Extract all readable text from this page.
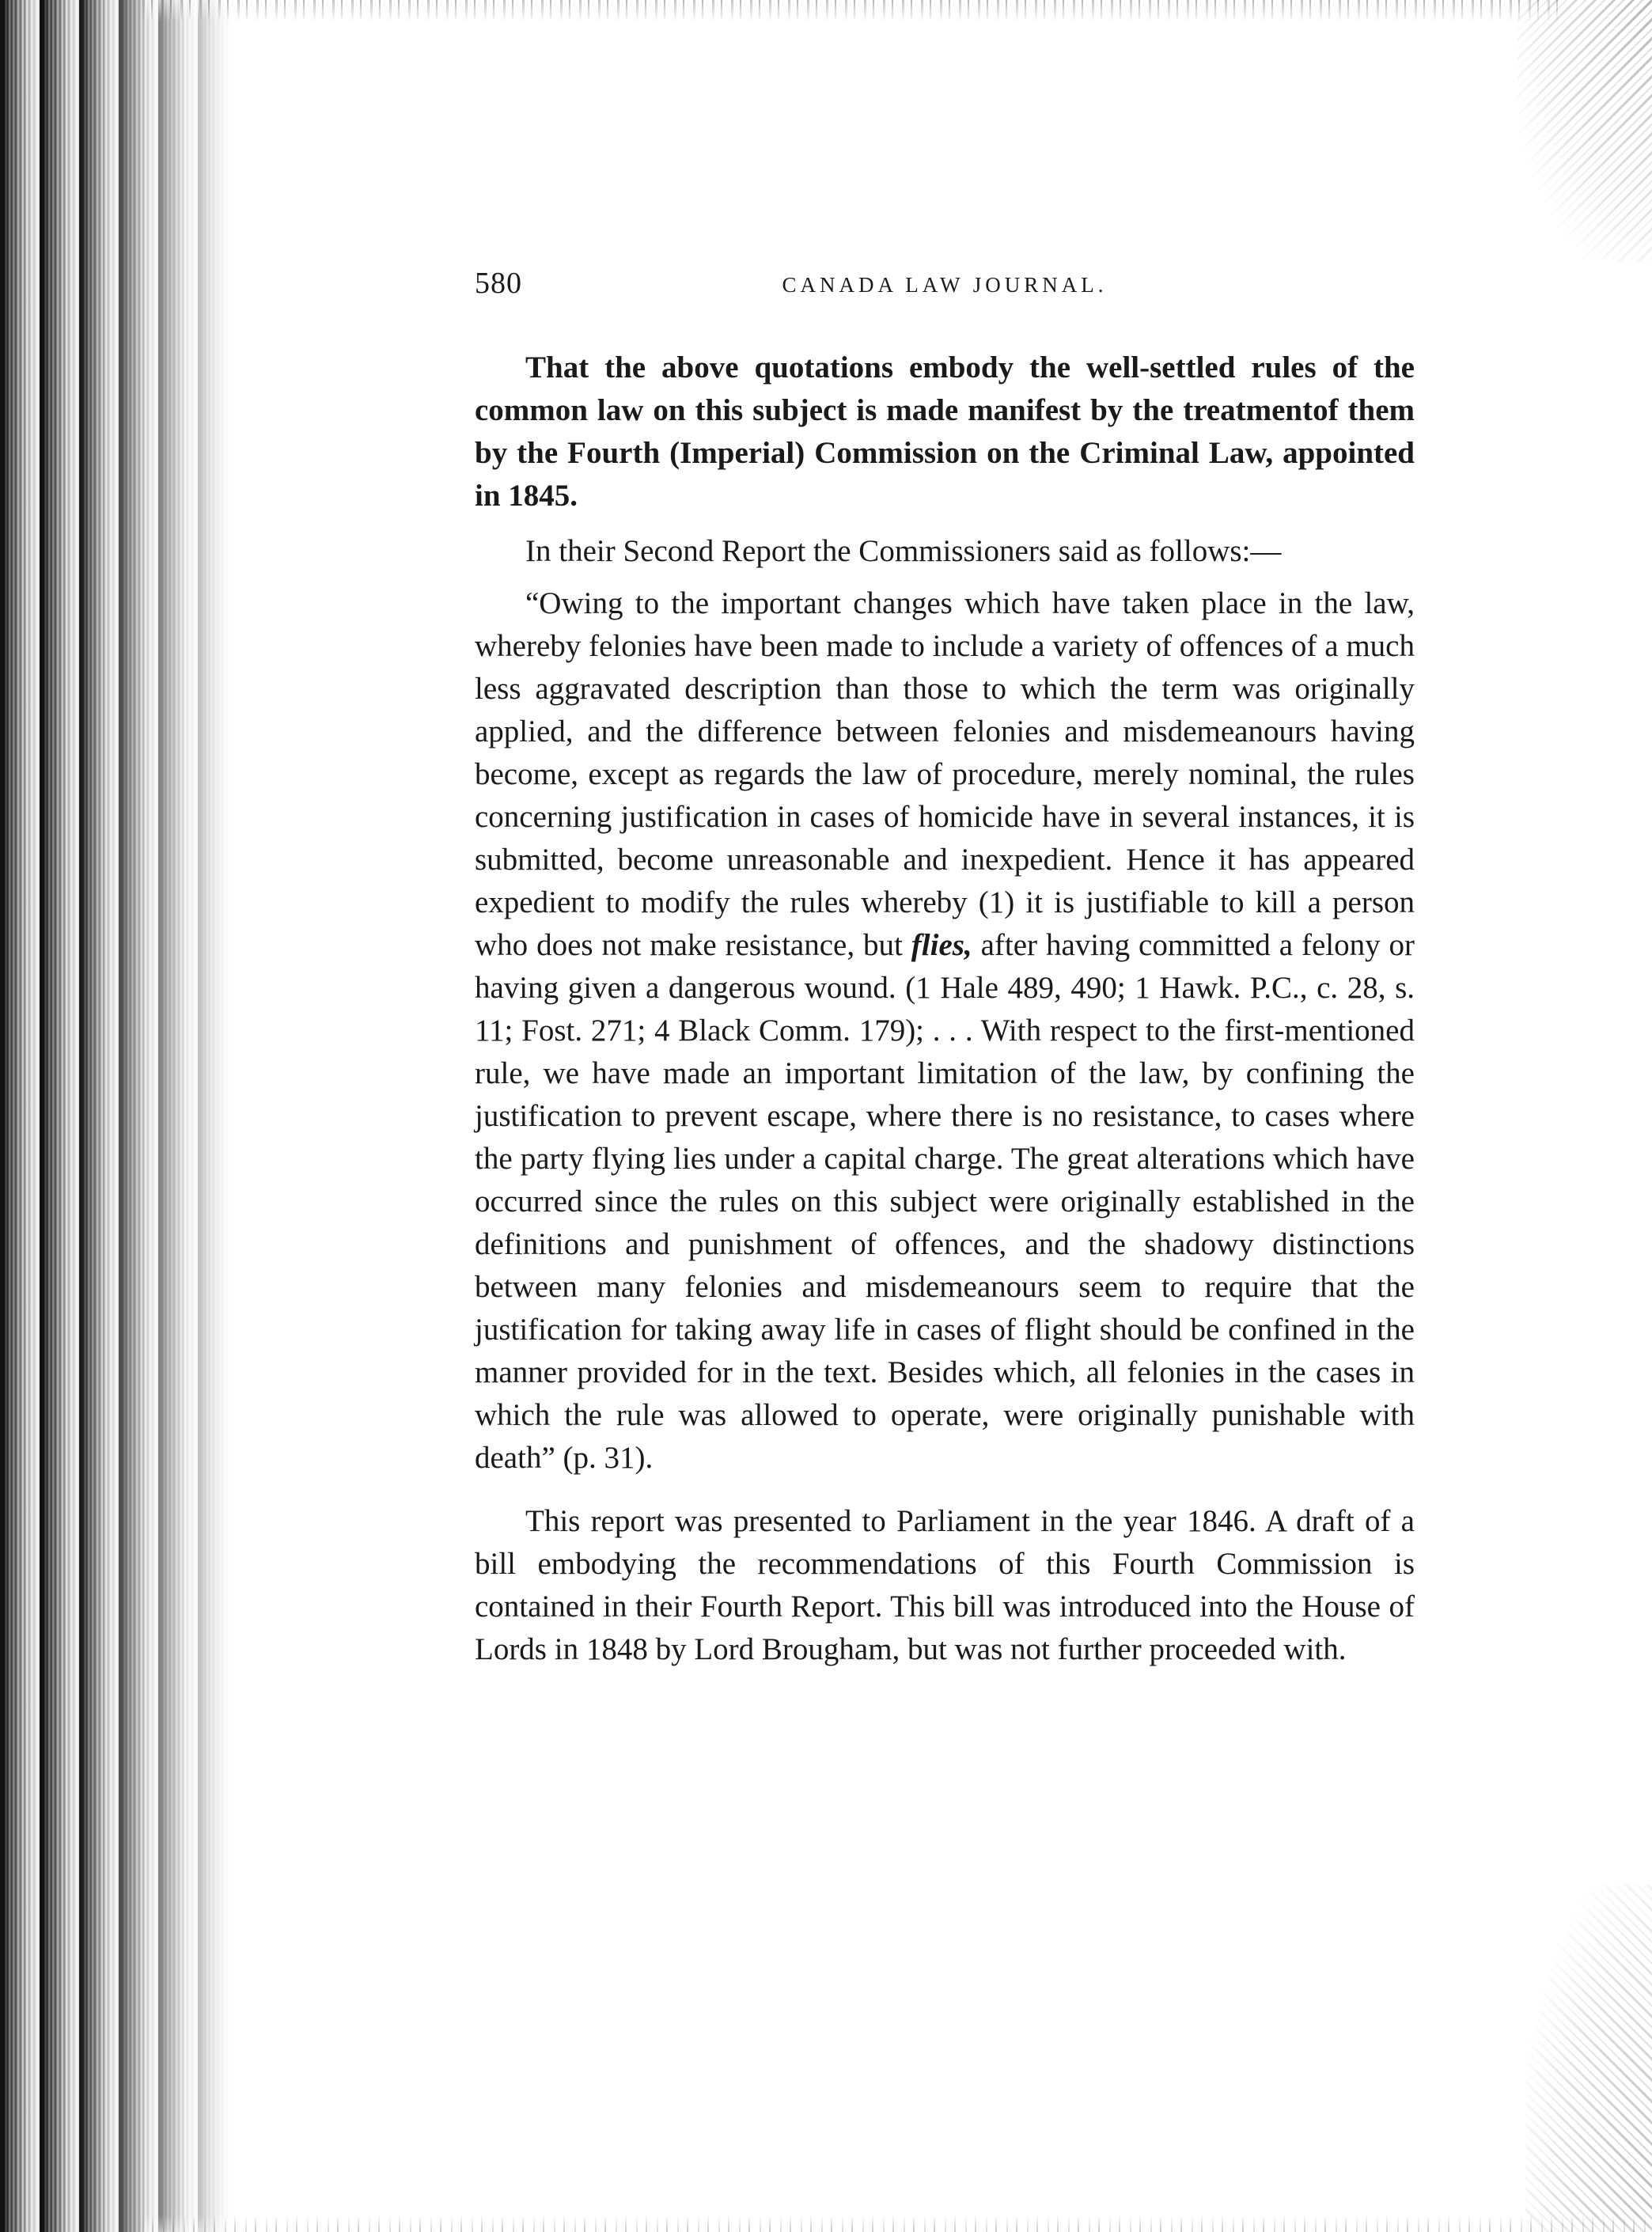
580	CANADA LAW JOURNAL.

That the above quotations embody the well-settled rules of the common law on this subject is made manifest by the treatmentof them by the Fourth (Imperial) Commission on the Criminal Law, appointed in 1845.

In their Second Report the Commissioners said as follows:—

“Owing to the important changes which have taken place in the law, whereby felonies have been made to include a variety of offences of a much less aggravated description than those to which the term was originally applied, and the difference between felonies and misdemeanours having become, except as regards the law of procedure, merely nominal, the rules concerning justification in cases of homicide have in several instances, it is submitted, become unreasonable and inexpedient. Hence it has appeared expedient to modify the rules whereby (1) it is justifiable to kill a person who does not make resistance, but flies, after having committed a felony or having given a dangerous wound. (1 Hale 489, 490; 1 Hawk. P.C., c. 28, s. 11; Fost. 271; 4 Black Comm. 179); . . . With respect to the first-mentioned rule, we have made an important limitation of the law, by confining the justification to prevent escape, where there is no resistance, to cases where the party flying lies under a capital charge. The great alterations which have occurred since the rules on this subject were originally established in the definitions and punishment of offences, and the shadowy distinctions between many felonies and misdemeanours seem to require that the justification for taking away life in cases of flight should be confined in the manner provided for in the text. Besides which, all felonies in the cases in which the rule was allowed to operate, were originally punishable with death” (p. 31).

This report was presented to Parliament in the year 1846. A draft of a bill embodying the recommendations of this Fourth Commission is contained in their Fourth Report. This bill was introduced into the House of Lords in 1848 by Lord Brougham, but was not further proceeded with.
